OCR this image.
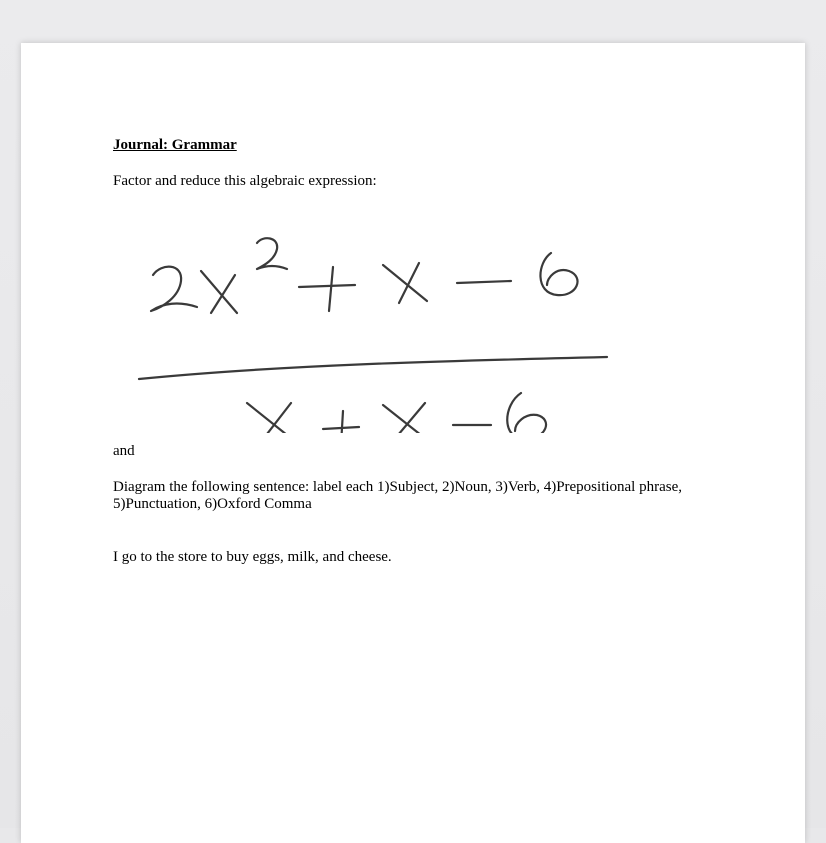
Journal: Grammar

Factor and reduce this algebraic expression:

and

Diagram the following sentence: label each 1)Subject, 2)Noun, 3)Verb, 4)Prepositional phrase, 5)Punctuation, 6)Oxford Comma

I go to the store to buy eggs, milk, and cheese.
